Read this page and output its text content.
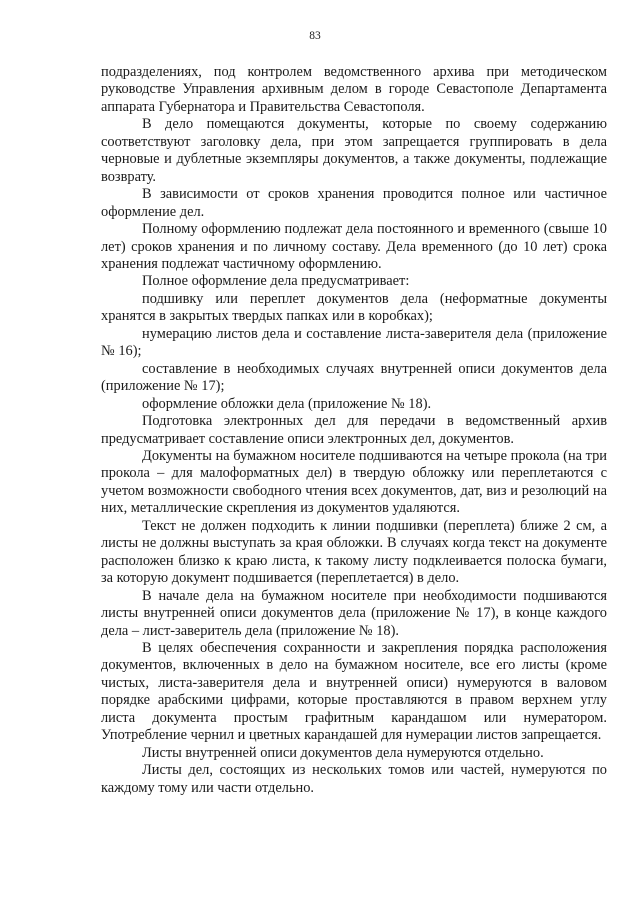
83

подразделениях, под контролем ведомственного архива при методическом руководстве Управления архивным делом в городе Севастополе Департамента аппарата Губернатора и Правительства Севастополя.

В дело помещаются документы, которые по своему содержанию соответствуют заголовку дела, при этом запрещается группировать в дела черновые и дублетные экземпляры документов, а также документы, подлежащие возврату.

В зависимости от сроков хранения проводится полное или частичное оформление дел.

Полному оформлению подлежат дела постоянного и временного (свыше 10 лет) сроков хранения и по личному составу. Дела временного (до 10 лет) срока хранения подлежат частичному оформлению.

Полное оформление дела предусматривает:

подшивку или переплет документов дела (неформатные документы хранятся в закрытых твердых папках или в коробках);

нумерацию листов дела и составление листа-заверителя дела (приложение № 16);

составление в необходимых случаях внутренней описи документов дела (приложение № 17);

оформление обложки дела (приложение № 18).

Подготовка электронных дел для передачи в ведомственный архив предусматривает составление описи электронных дел, документов.

Документы на бумажном носителе подшиваются на четыре прокола (на три прокола – для малоформатных дел) в твердую обложку или переплетаются с учетом возможности свободного чтения всех документов, дат, виз и резолюций на них, металлические скрепления из документов удаляются.

Текст не должен подходить к линии подшивки (переплета) ближе 2 см, а листы не должны выступать за края обложки. В случаях когда текст на документе расположен близко к краю листа, к такому листу подклеивается полоска бумаги, за которую документ подшивается (переплетается) в дело.

В начале дела на бумажном носителе при необходимости подшиваются листы внутренней описи документов дела (приложение № 17), в конце каждого дела – лист-заверитель дела (приложение № 18).

В целях обеспечения сохранности и закрепления порядка расположения документов, включенных в дело на бумажном носителе, все его листы (кроме чистых, листа-заверителя дела и внутренней описи) нумеруются в валовом порядке арабскими цифрами, которые проставляются в правом верхнем углу листа документа простым графитным карандашом или нумератором. Употребление чернил и цветных карандашей для нумерации листов запрещается.

Листы внутренней описи документов дела нумеруются отдельно.

Листы дел, состоящих из нескольких томов или частей, нумеруются по каждому тому или части отдельно.
